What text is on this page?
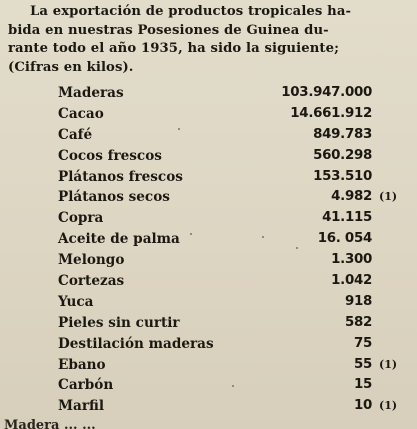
La exportación de productos tropicales ha-
bida en nuestras Posesiones de Guinea du-
rante todo el año 1935, ha sido la siguiente;
(Cifras en kilos).
Maderas	103.947.000
Cacao	14.661.912
Café	849.783
Cocos frescos	560.298
Plátanos frescos	153.510
Plátanos secos	4.982 (1)
Copra	41.115
Aceite de palma	16. 054
Melongo	1.300
Cortezas	1.042
Yuca	918
Pieles sin curtir	582
Destilación maderas	75
Ebano	55 (1)
Carbón	15
Marfil	10 (1)
Madera ... ...
